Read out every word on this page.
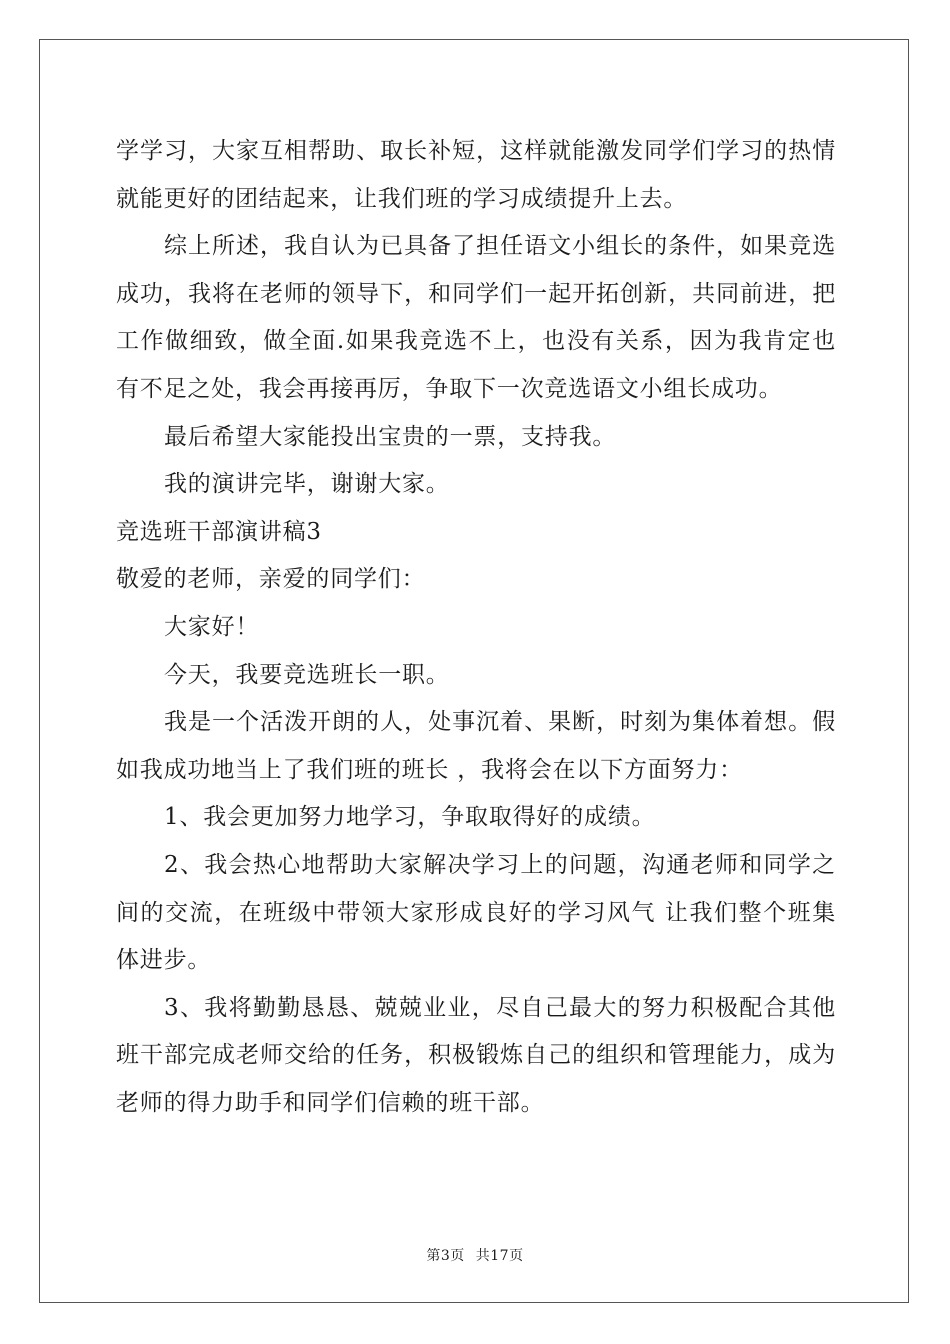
学学习，大家互相帮助、取长补短，这样就能激发同学们学习的热情就能更好的团结起来，让我们班的学习成绩提升上去。

综上所述，我自认为已具备了担任语文小组长的条件，如果竞选成功，我将在老师的领导下，和同学们一起开拓创新，共同前进，把工作做细致，做全面.如果我竞选不上，也没有关系，因为我肯定也有不足之处，我会再接再厉，争取下一次竞选语文小组长成功。

最后希望大家能投出宝贵的一票，支持我。

我的演讲完毕，谢谢大家。

竞选班干部演讲稿3

敬爱的老师，亲爱的同学们：

大家好！

今天，我要竞选班长一职。

我是一个活泼开朗的人，处事沉着、果断，时刻为集体着想。假如我成功地当上了我们班的班长 ，我将会在以下方面努力：

1、我会更加努力地学习，争取取得好的成绩。

2、我会热心地帮助大家解决学习上的问题，沟通老师和同学之间的交流，在班级中带领大家形成良好的学习风气 让我们整个班集体进步。

3、我将勤勤恳恳、兢兢业业，尽自己最大的努力积极配合其他班干部完成老师交给的任务，积极锻炼自己的组织和管理能力，成为老师的得力助手和同学们信赖的班干部。

第3页 共17页
